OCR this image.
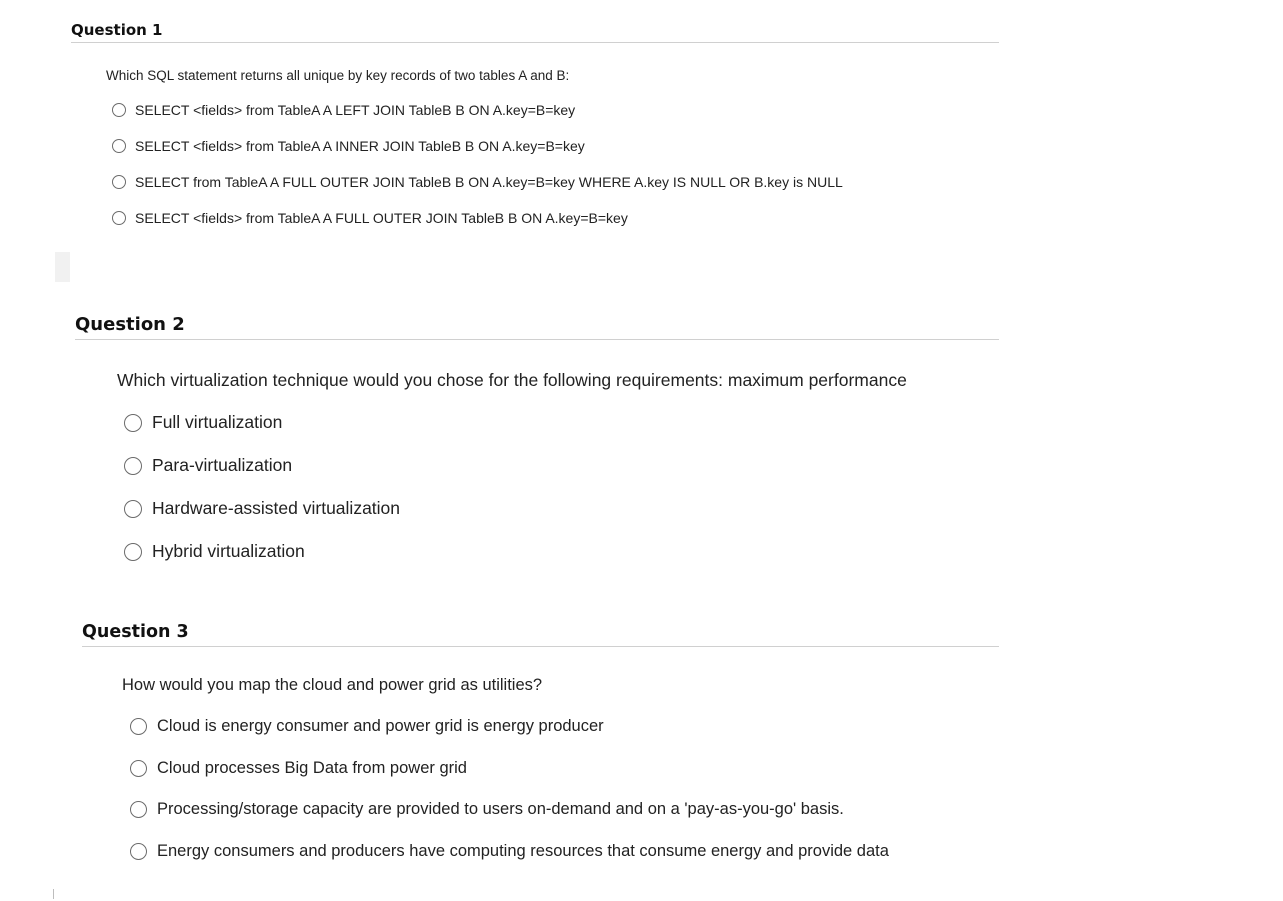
Question 1
Which SQL statement returns all unique by key records of two tables A and B:
SELECT <fields> from TableA A LEFT JOIN TableB B ON A.key=B=key
SELECT <fields> from TableA A INNER JOIN TableB B ON A.key=B=key
SELECT from TableA A FULL OUTER JOIN TableB B ON A.key=B=key WHERE A.key IS NULL OR B.key is NULL
SELECT <fields> from TableA A FULL OUTER JOIN TableB B ON A.key=B=key
Question 2
Which virtualization technique would you chose for the following requirements: maximum performance
Full virtualization
Para-virtualization
Hardware-assisted virtualization
Hybrid virtualization
Question 3
How would you map the cloud and power grid as utilities?
Cloud is energy consumer and power grid is energy producer
Cloud processes Big Data from power grid
Processing/storage capacity are provided to users on-demand and on a 'pay-as-you-go' basis.
Energy consumers and producers have computing resources that consume energy and provide data
